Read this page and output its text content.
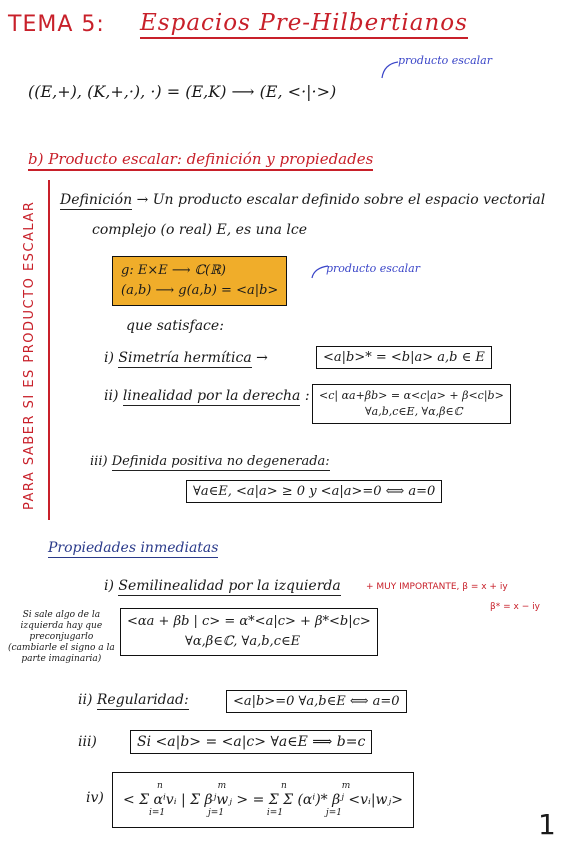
TEMA 5: Espacios Pre-Hilbertianos
producto escalar
((E,+), (K,+,·), ·) = (E,K) ⟶ (E, <·|·>)
b) Producto escalar: definición y propiedades
PARA SABER SI ES PRODUCTO ESCALAR
Definición → Un producto escalar definido sobre el espacio vectorial
complejo (o real) E, es una lce
g: E×E ⟶ ℂ(ℝ)
(a,b) ⟶ g(a,b) = <a|b>
producto escalar
que satisface:
i) Simetría hermítica →	<a|b>* = <b|a> a,b ∈ E
ii) linealidad por la derecha : <c| αa+βb> = α<c|a> + β<c|b>
∀a,b,c∈E, ∀α,β∈ℂ
iii) Definida positiva no degenerada:
∀a∈E, <a|a> ≥ 0 y <a|a>=0 ⟺ a=0
Propiedades inmediatas
i) Semilinealidad por la izquierda	+ MUY IMPORTANTE, β = x + iy
β* = x − iy
<αa + βb | c> = α*<a|c> + β*<b|c>
∀α,β∈ℂ, ∀a,b,c∈E
Si sale algo de la
izquierda hay que
preconjugarlo
(cambiarle el signo a la
parte imaginaria)
ii) Regularidad:	<a|b>=0 ∀a,b∈E ⟺ a=0
iii)	Si <a|b> = <a|c> ∀a∈E ⟹ b=c
iv)
n m n m
< Σ αⁱvᵢ | Σ βʲwⱼ > = Σ Σ (αⁱ)* βʲ <vᵢ|wⱼ>
i=1 j=1 i=1 j=1	1
